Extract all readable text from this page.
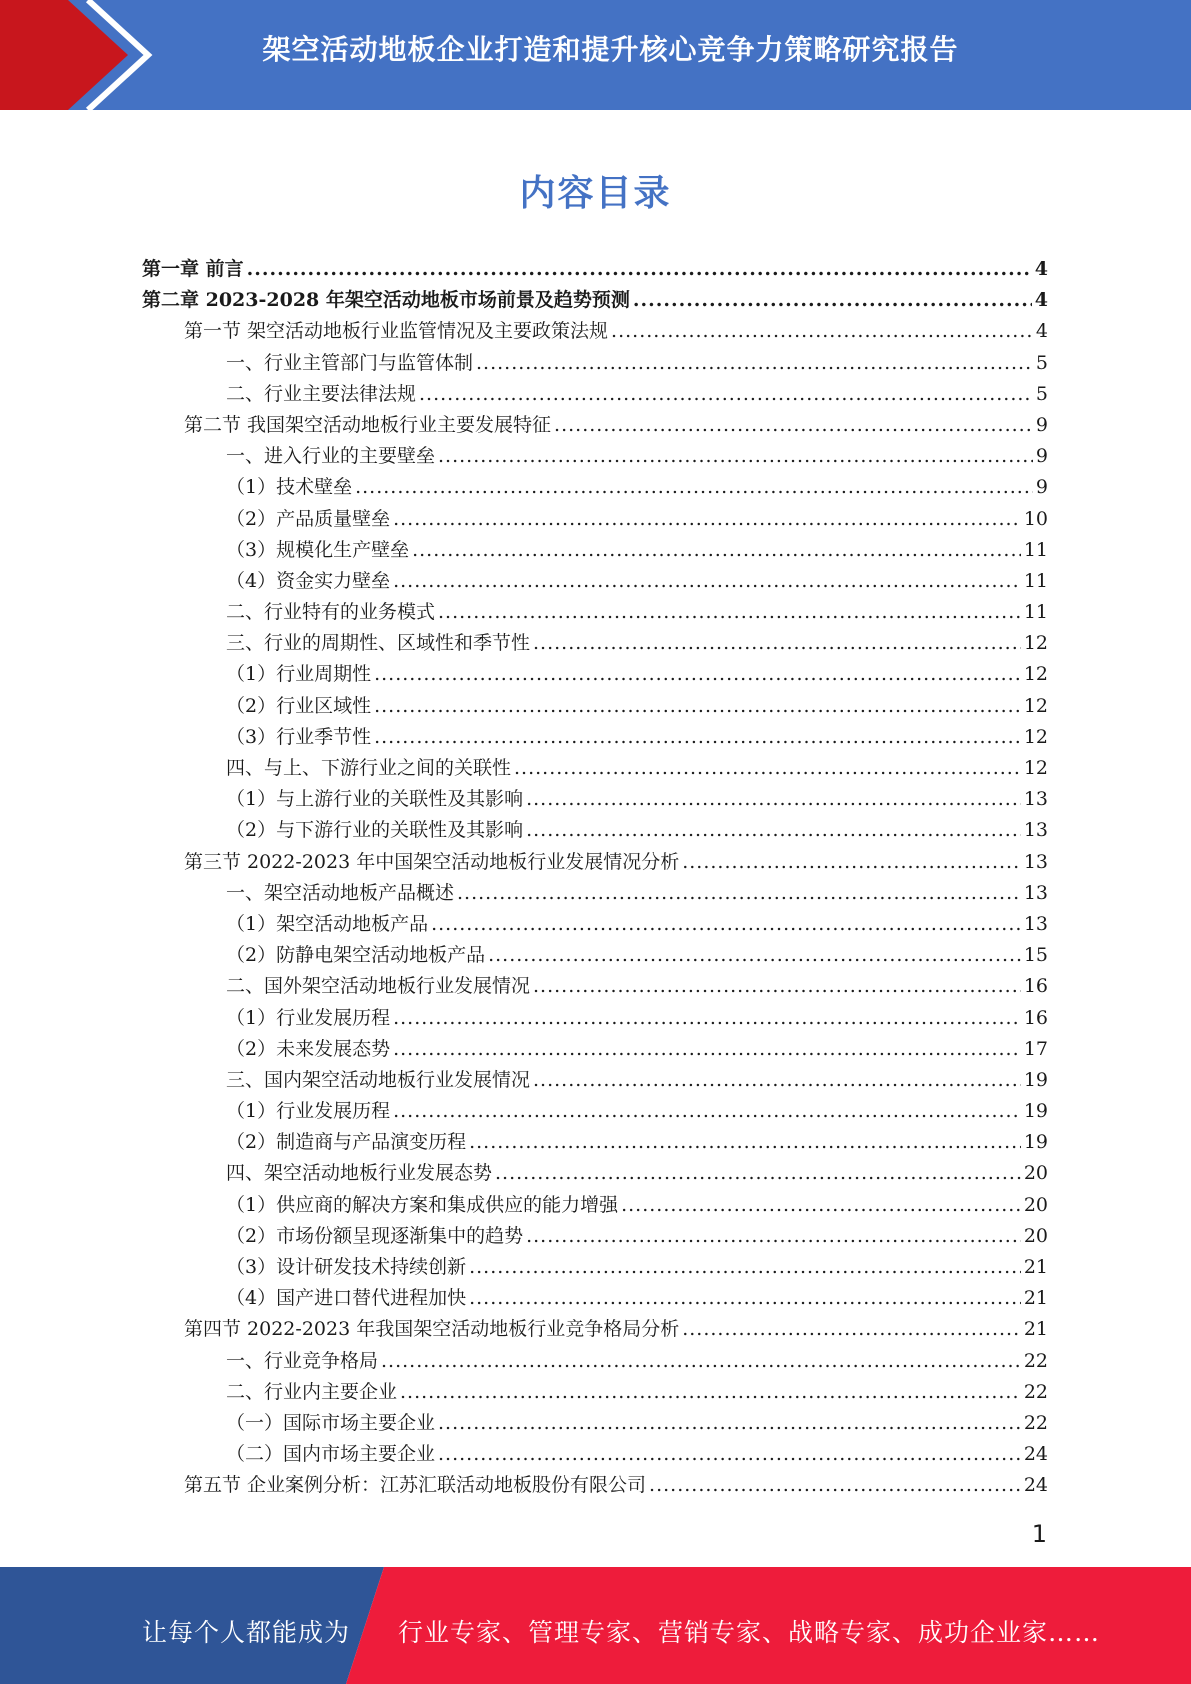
架空活动地板企业打造和提升核心竞争力策略研究报告
内容目录
第一章 前言 .....	4
第二章 2023-2028 年架空活动地板市场前景及趋势预测 .....	4
第一节 架空活动地板行业监管情况及主要政策法规 .....	4
一、行业主管部门与监管体制 .....	5
二、行业主要法律法规 .....	5
第二节 我国架空活动地板行业主要发展特征 .....	9
一、进入行业的主要壁垒 .....	9
（1）技术壁垒 .....	9
（2）产品质量壁垒 .....	10
（3）规模化生产壁垒 .....	11
（4）资金实力壁垒 .....	11
二、行业特有的业务模式 .....	11
三、行业的周期性、区域性和季节性 .....	12
（1）行业周期性 .....	12
（2）行业区域性 .....	12
（3）行业季节性 .....	12
四、与上、下游行业之间的关联性 .....	12
（1）与上游行业的关联性及其影响 .....	13
（2）与下游行业的关联性及其影响 .....	13
第三节 2022-2023 年中国架空活动地板行业发展情况分析 .....	13
一、架空活动地板产品概述 .....	13
（1）架空活动地板产品 .....	13
（2）防静电架空活动地板产品 .....	15
二、国外架空活动地板行业发展情况 .....	16
（1）行业发展历程 .....	16
（2）未来发展态势 .....	17
三、国内架空活动地板行业发展情况 .....	19
（1）行业发展历程 .....	19
（2）制造商与产品演变历程 .....	19
四、架空活动地板行业发展态势 .....	20
（1）供应商的解决方案和集成供应的能力增强 .....	20
（2）市场份额呈现逐渐集中的趋势 .....	20
（3）设计研发技术持续创新 .....	21
（4）国产进口替代进程加快 .....	21
第四节 2022-2023 年我国架空活动地板行业竞争格局分析 .....	21
一、行业竞争格局 .....	22
二、行业内主要企业 .....	22
（一）国际市场主要企业 .....	22
（二）国内市场主要企业 .....	24
第五节 企业案例分析：江苏汇联活动地板股份有限公司 .....	24
1
让每个人都能成为 行业专家、管理专家、营销专家、战略专家、成功企业家……
